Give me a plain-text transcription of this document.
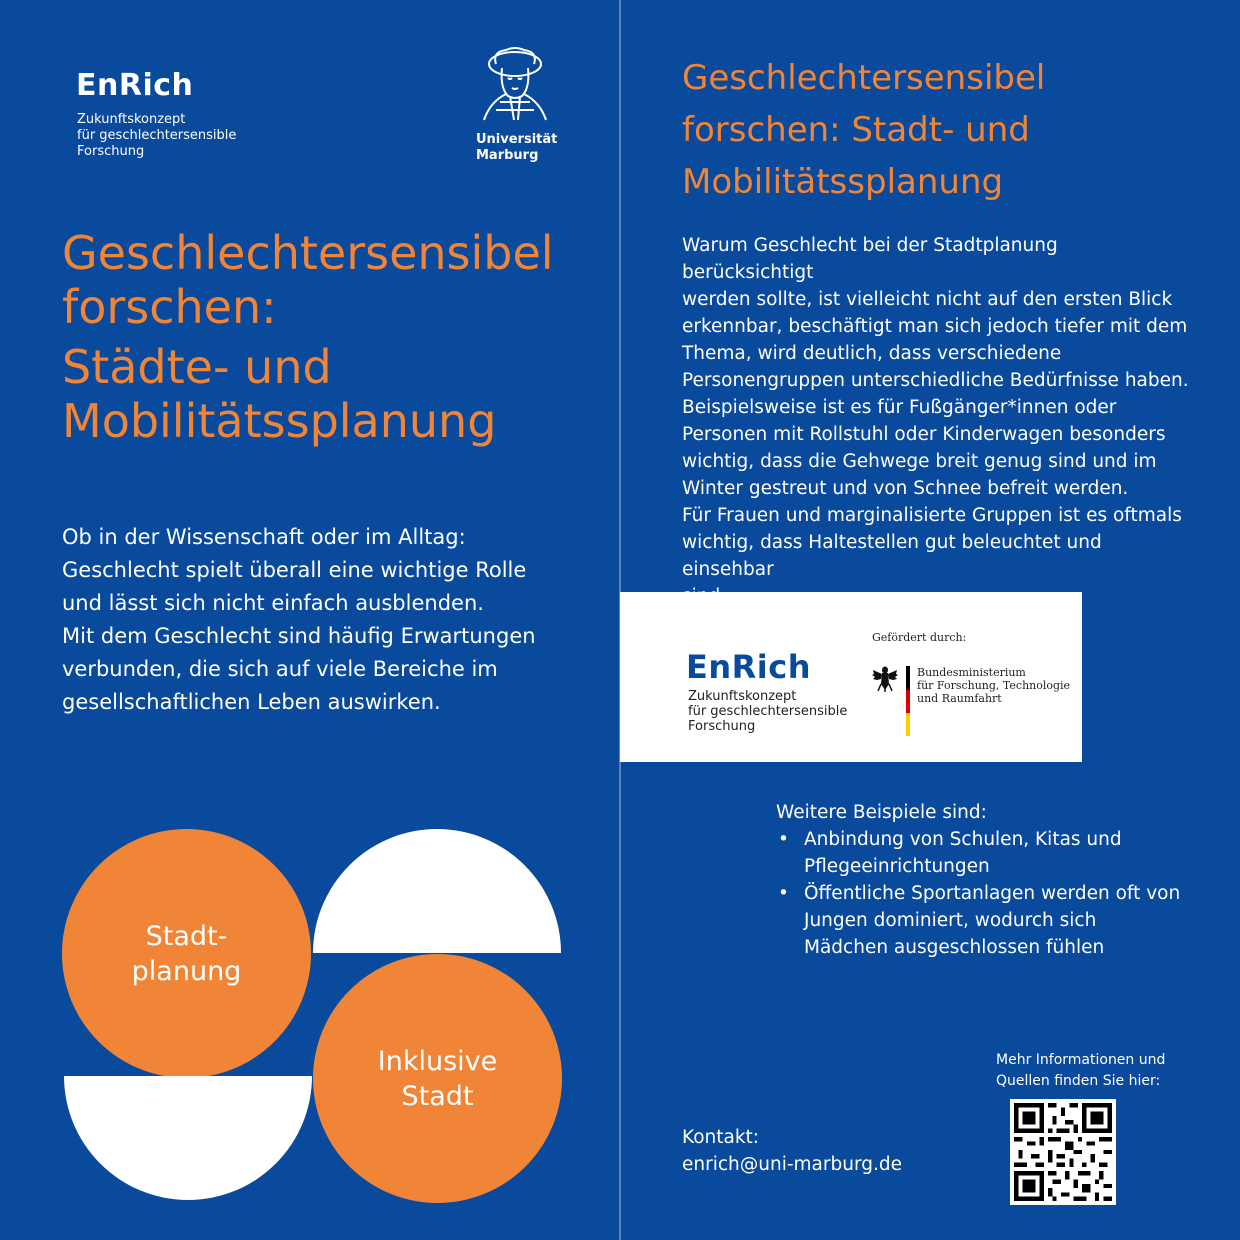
EnRich
Zukunftskonzept
für geschlechtersensible
Forschung
Universität
Marburg
Geschlechtersensibel forschen:
Städte- und Mobilitätssplanung
Ob in der Wissenschaft oder im Alltag:
Geschlecht spielt überall eine wichtige Rolle
und lässt sich nicht einfach ausblenden.
Mit dem Geschlecht sind häufig Erwartungen
verbunden, die sich auf viele Bereiche im
gesellschaftlichen Leben auswirken.
Stadt-
planung
Inklusive
Stadt
Geschlechtersensibel forschen: Stadt- und Mobilitätssplanung
Warum Geschlecht bei der Stadtplanung berücksichtigt
werden sollte, ist vielleicht nicht auf den ersten Blick
erkennbar, beschäftigt man sich jedoch tiefer mit dem
Thema, wird deutlich, dass verschiedene
Personengruppen unterschiedliche Bedürfnisse haben.
Beispielsweise ist es für Fußgänger*innen oder
Personen mit Rollstuhl oder Kinderwagen besonders
wichtig, dass die Gehwege breit genug sind und im
Winter gestreut und von Schnee befreit werden.
Für Frauen und marginalisierte Gruppen ist es oftmals
wichtig, dass Haltestellen gut beleuchtet und einsehbar

EnRich
Zukunftskonzept
für geschlechtersensible
Forschung
Gefördert durch:
Bundesministerium
für Forschung, Technologie
und Raumfahrt
Weitere Beispiele sind:
• Anbindung von Schulen, Kitas und Pflegeeinrichtungen
• Öffentliche Sportanlagen werden oft von Jungen dominiert, wodurch sich Mädchen ausgeschlossen fühlen
Mehr Informationen und
Quellen finden Sie hier:
Kontakt:
enrich@uni-marburg.de
